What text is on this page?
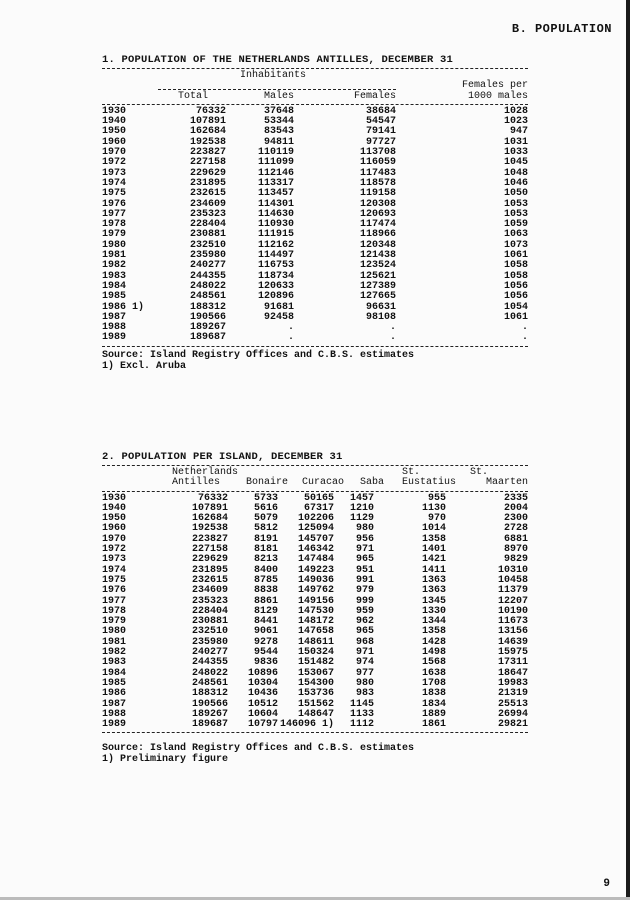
B. POPULATION
1. POPULATION OF THE NETHERLANDS ANTILLES, DECEMBER 31
	Inhabitants			

			Females per
	Total	Males	Females	1000 males
1930	76332	37648	38684	1028
1940	107891	53344	54547	1023
1950	162684	83543	79141	947
1960	192538	94811	97727	1031
1970	223827	110119	113708	1033
1972	227158	111099	116059	1045
1973	229629	112146	117483	1048
1974	231895	113317	118578	1046
1975	232615	113457	119158	1050
1976	234609	114301	120308	1053
1977	235323	114630	120693	1053
1978	228404	110930	117474	1059
1979	230881	111915	118966	1063
1980	232510	112162	120348	1073
1981	235980	114497	121438	1061
1982	240277	116753	123524	1058
1983	244355	118734	125621	1058
1984	248022	120633	127389	1056
1985	248561	120896	127665	1056
1986 1)	188312	91681	96631	1054
1987	190566	92458	98108	1061
1988	189267	.	.	.
1989	189687	.	.	.
Source: Island Registry Offices and C.B.S. estimates
1) Excl. Aruba
2. POPULATION PER ISLAND, DECEMBER 31
	Netherlands				St.	St.
	Antilles	Bonaire	Curacao	Saba	Eustatius	Maarten
1930	76332	5733	50165	1457	955	2335
1940	107891	5616	67317	1210	1130	2004
1950	162684	5079	102206	1129	970	2300
1960	192538	5812	125094	980	1014	2728
1970	223827	8191	145707	956	1358	6881
1972	227158	8181	146342	971	1401	8970
1973	229629	8213	147484	965	1421	9829
1974	231895	8400	149223	951	1411	10310
1975	232615	8785	149036	991	1363	10458
1976	234609	8838	149762	979	1363	11379
1977	235323	8861	149156	999	1345	12207
1978	228404	8129	147530	959	1330	10190
1979	230881	8441	148172	962	1344	11673
1980	232510	9061	147658	965	1358	13156
1981	235980	9278	148611	968	1428	14639
1982	240277	9544	150324	971	1498	15975
1983	244355	9836	151482	974	1568	17311
1984	248022	10896	153067	977	1638	18647
1985	248561	10304	154300	980	1708	19983
1986	188312	10436	153736	983	1838	21319
1987	190566	10512	151562	1145	1834	25513
1988	189267	10604	148647	1133	1889	26994
1989	189687	10797	146096 1)	1112	1861	29821
Source: Island Registry Offices and C.B.S. estimates
1) Preliminary figure
9
